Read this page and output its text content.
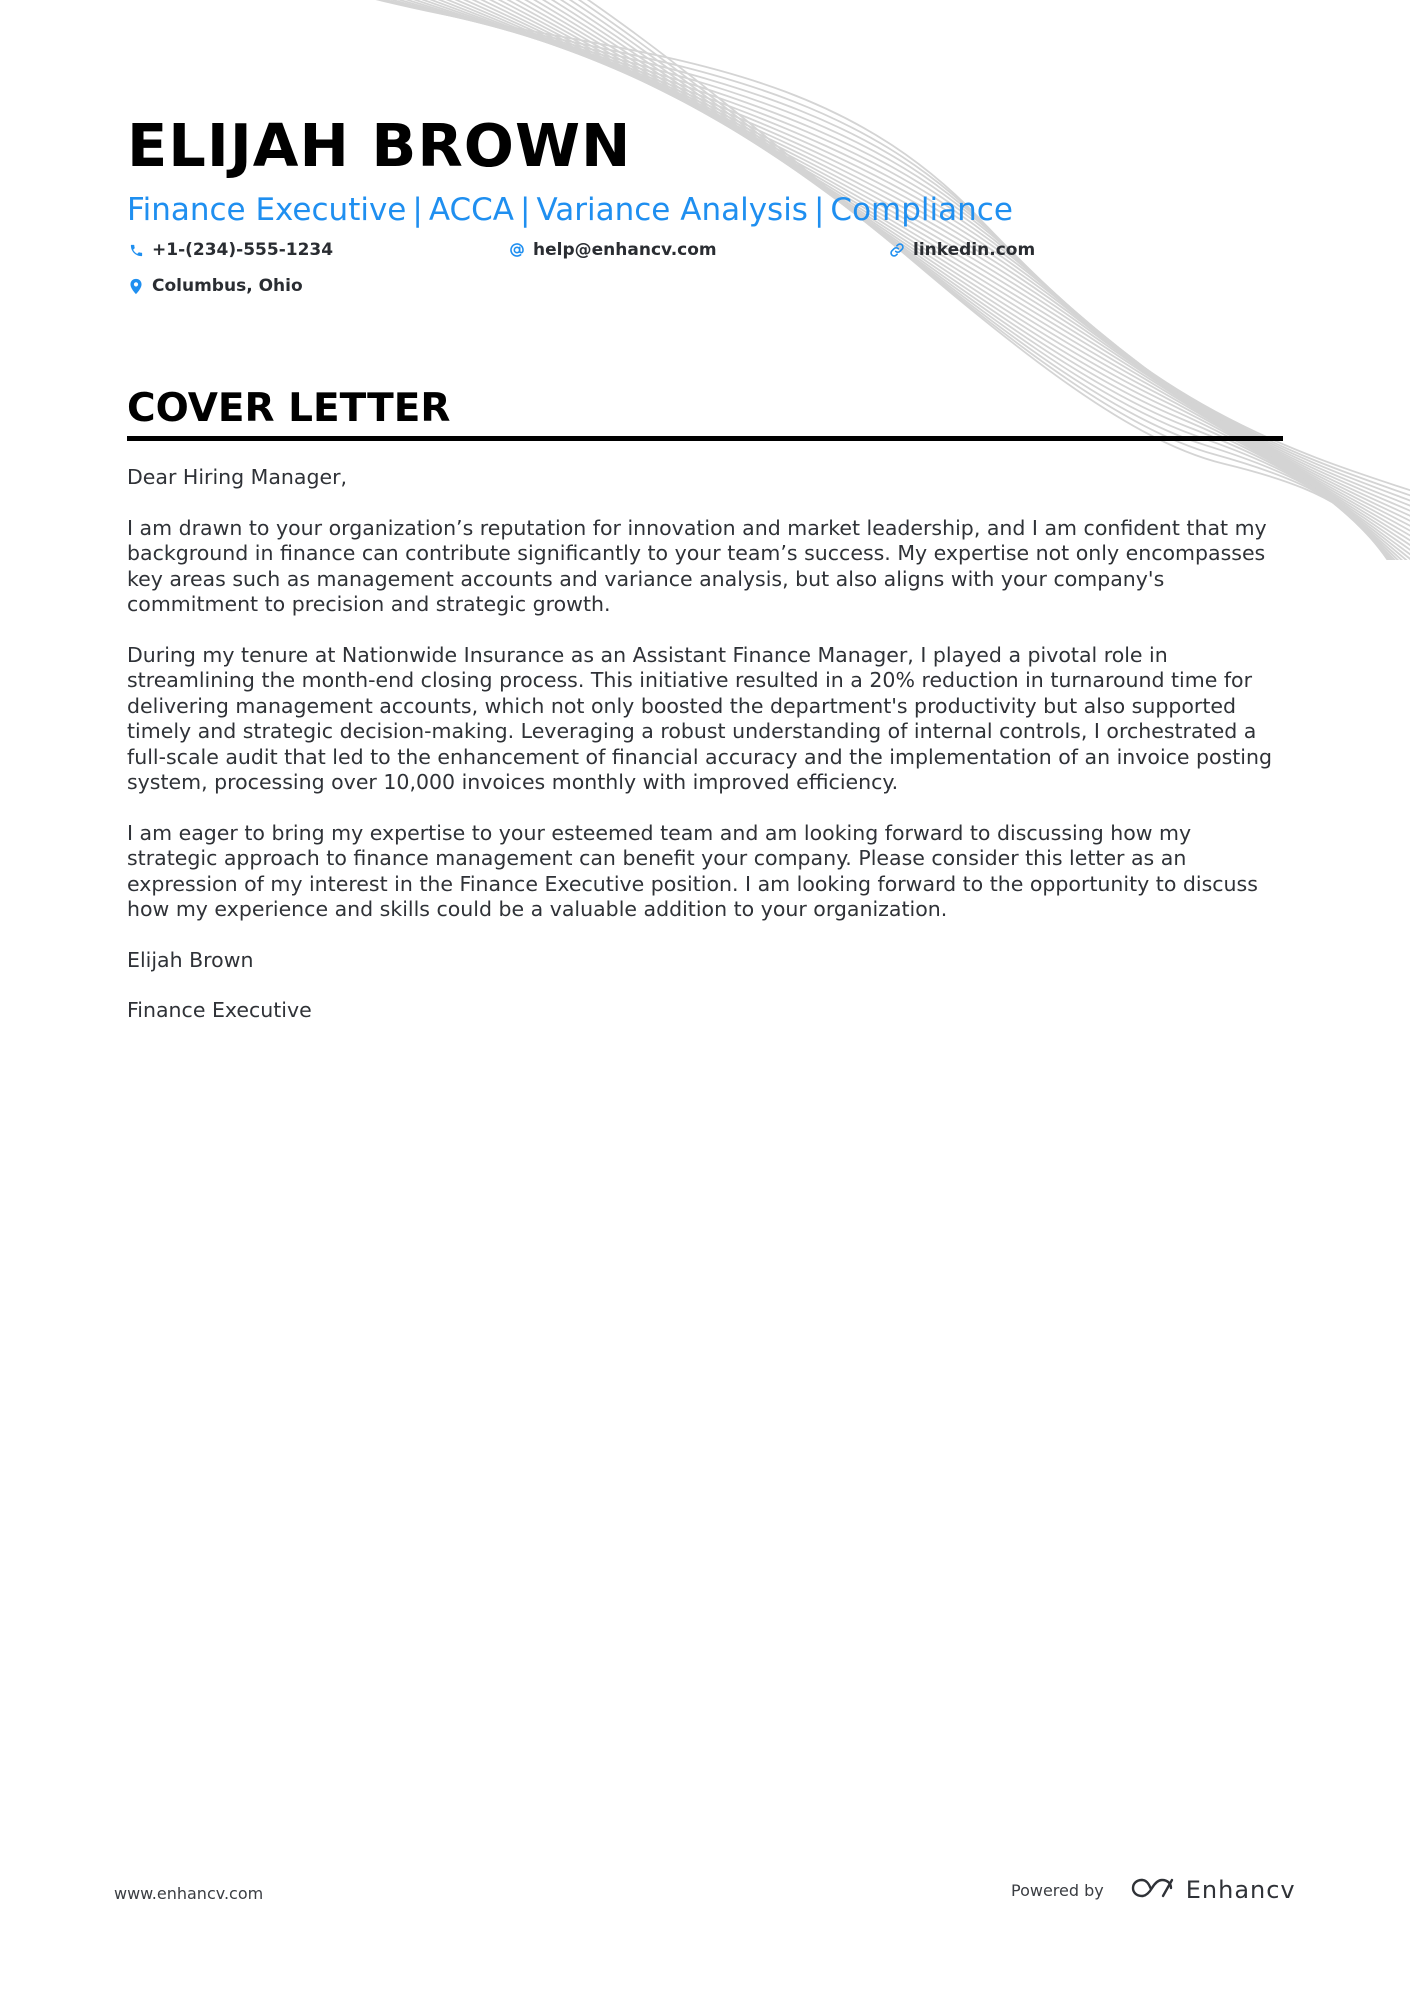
ELIJAH BROWN
Finance Executive | ACCA | Variance Analysis | Compliance
+1-(234)-555-1234	help@enhancv.com	linkedin.com
Columbus, Ohio
COVER LETTER

Dear Hiring Manager,

I am drawn to your organization’s reputation for innovation and market leadership, and I am confident that my background in finance can contribute significantly to your team’s success. My expertise not only encompasses key areas such as management accounts and variance analysis, but also aligns with your company's commitment to precision and strategic growth.

During my tenure at Nationwide Insurance as an Assistant Finance Manager, I played a pivotal role in streamlining the month-end closing process. This initiative resulted in a 20% reduction in turnaround time for delivering management accounts, which not only boosted the department's productivity but also supported timely and strategic decision-making. Leveraging a robust understanding of internal controls, I orchestrated a full-scale audit that led to the enhancement of financial accuracy and the implementation of an invoice posting system, processing over 10,000 invoices monthly with improved efficiency.

I am eager to bring my expertise to your esteemed team and am looking forward to discussing how my strategic approach to finance management can benefit your company. Please consider this letter as an expression of my interest in the Finance Executive position. I am looking forward to the opportunity to discuss how my experience and skills could be a valuable addition to your organization.

Elijah Brown

Finance Executive

www.enhancv.com	Powered by	Enhancv
